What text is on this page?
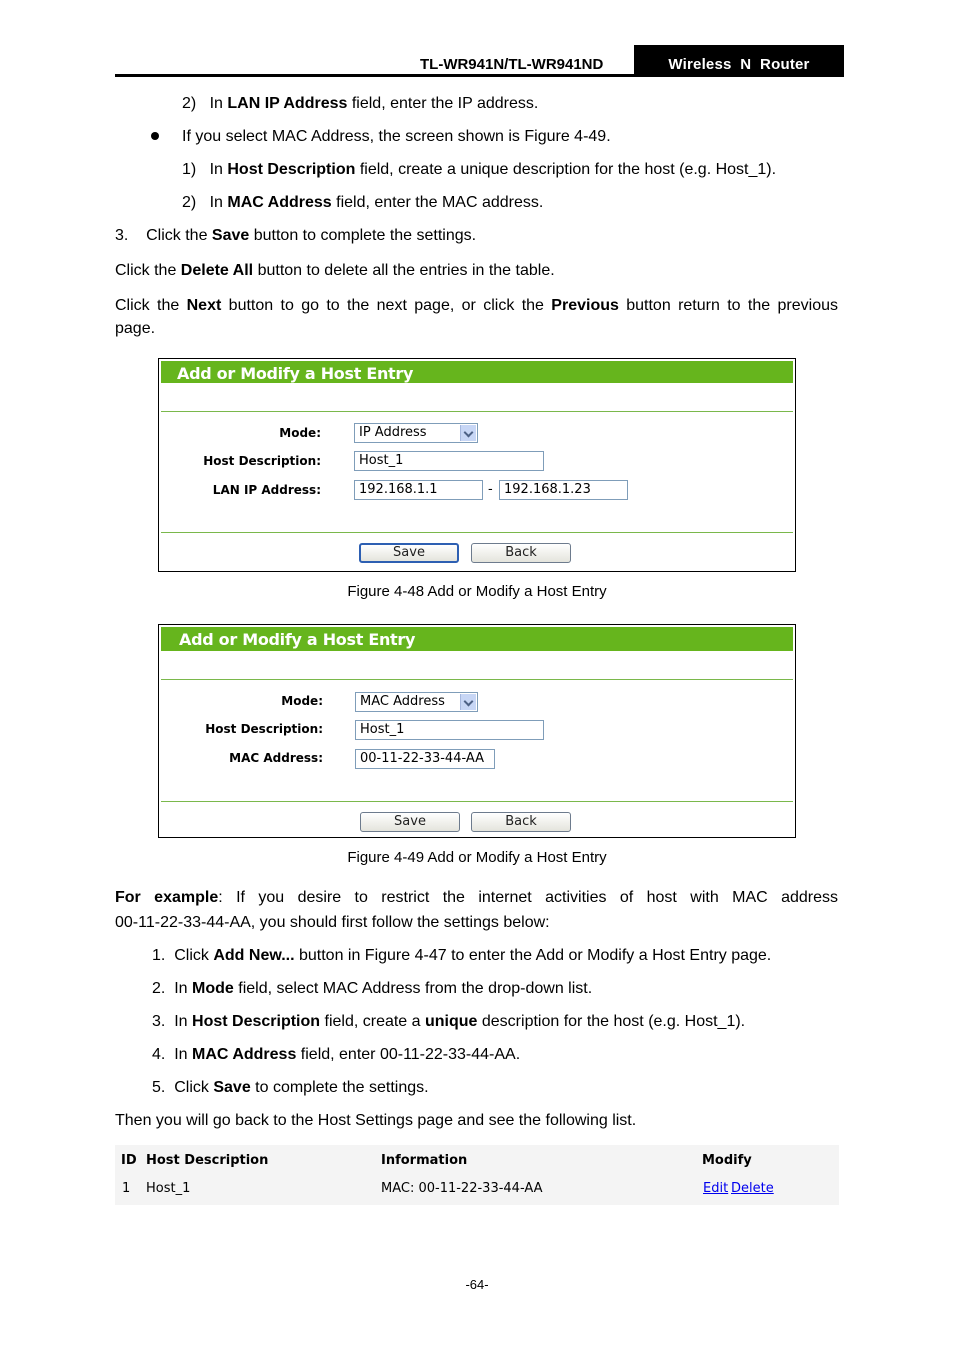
TL-WR941N/TL-WR941ND	Wireless  N  Router
2)   In LAN IP Address field, enter the IP address.
If you select MAC Address, the screen shown is Figure 4-49.
1)   In Host Description field, create a unique description for the host (e.g. Host_1).
2)   In MAC Address field, enter the MAC address.
3.    Click the Save button to complete the settings.
Click the Delete All button to delete all the entries in the table.
Click the Next button to go to the next page, or click the Previous button return to the previous
page.
Add or Modify a Host Entry
Mode:	IP Address
Host Description:	Host_1
LAN IP Address:	192.168.1.1	- 192.168.1.23
Save	Back
Figure 4-48 Add or Modify a Host Entry
Add or Modify a Host Entry
Mode:	MAC Address
Host Description:	Host_1
MAC Address:	00-11-22-33-44-AA
Save	Back
Figure 4-49 Add or Modify a Host Entry
For  example:  If  you  desire  to  restrict  the  internet  activities  of  host  with  MAC  address
00-11-22-33-44-AA, you should first follow the settings below:
1.  Click Add New... button in Figure 4-47 to enter the Add or Modify a Host Entry page.
2.  In Mode field, select MAC Address from the drop-down list.
3.  In Host Description field, create a unique description for the host (e.g. Host_1).
4.  In MAC Address field, enter 00-11-22-33-44-AA.
5.  Click Save to complete the settings.
Then you will go back to the Host Settings page and see the following list.
ID Host Description	Information	Modify
1 Host_1	MAC: 00-11-22-33-44-AA	Edit Delete
-64-
